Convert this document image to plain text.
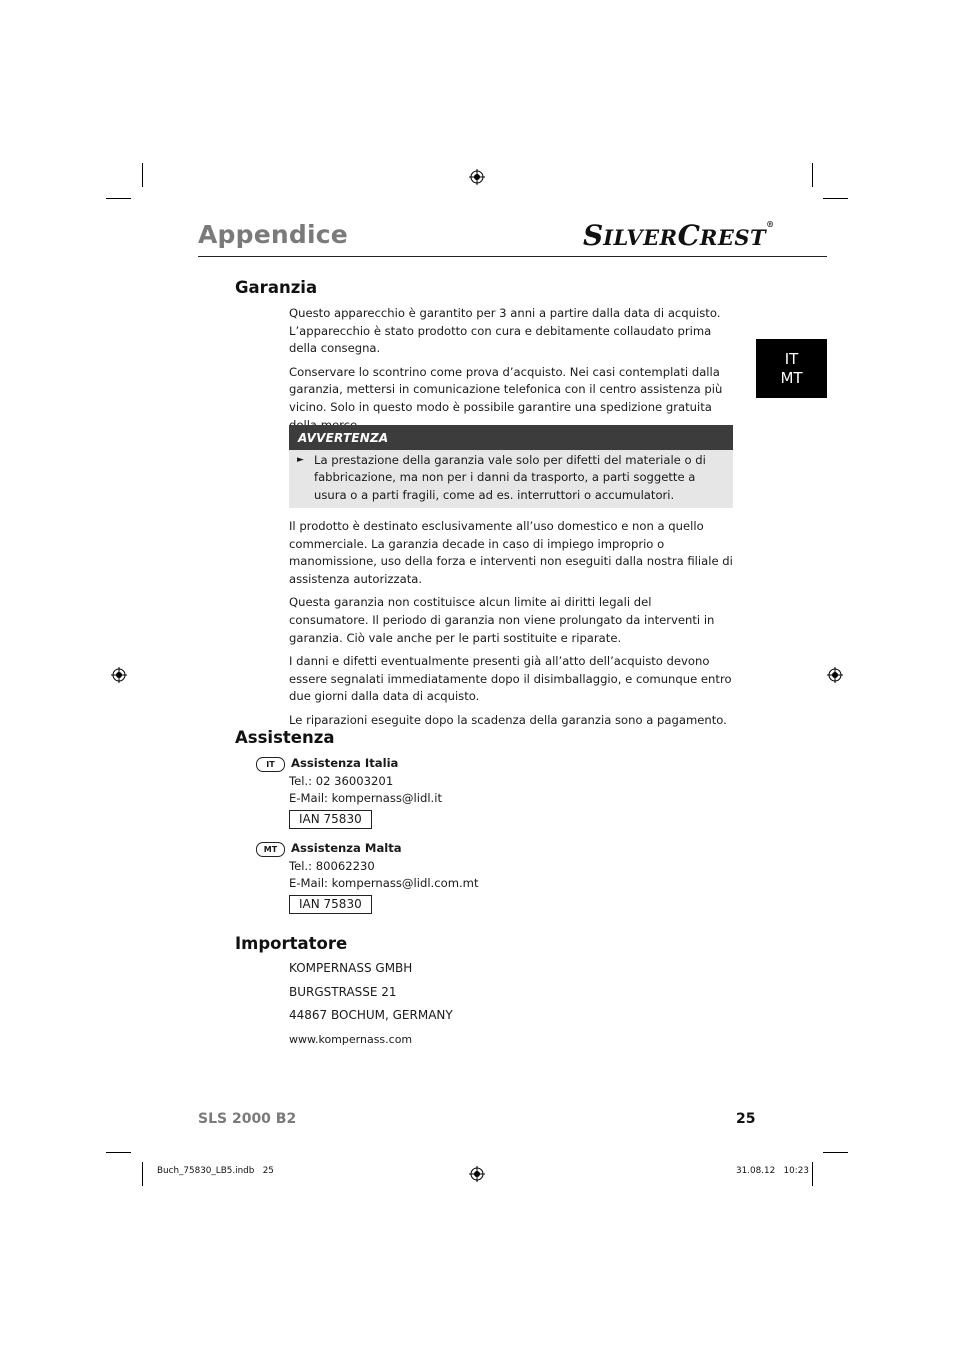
Appendice	SILVERCREST®
IT
MT
Garanzia

Questo apparecchio è garantito per 3 anni a partire dalla data di acquisto. L’apparecchio è stato prodotto con cura e debitamente collaudato prima della consegna.

Conservare lo scontrino come prova d’acquisto. Nei casi contemplati dalla garanzia, mettersi in comunicazione telefonica con il centro assistenza più vicino. Solo in questo modo è possibile garantire una spedizione gratuita

AVVERTENZA
► La prestazione della garanzia vale solo per difetti del materiale o di fabbricazione, ma non per i danni da trasporto, a parti soggette a usura o a parti fragili, come ad es. interruttori o accumulatori.

Il prodotto è destinato esclusivamente all’uso domestico e non a quello commerciale. La garanzia decade in caso di impiego improprio o manomissione, uso della forza e interventi non eseguiti dalla nostra filiale di assistenza autorizzata.

Questa garanzia non costituisce alcun limite ai diritti legali del consumatore. Il periodo di garanzia non viene prolungato da interventi in garanzia. Ciò vale anche per le parti sostituite e riparate.

I danni e difetti eventualmente presenti già all’atto dell’acquisto devono essere segnalati immediatamente dopo il disimballaggio, e comunque entro due giorni dalla data di acquisto.

Le riparazioni eseguite dopo la scadenza della garanzia sono a pagamento.

Assistenza
IT	Assistenza Italia
Tel.: 02 36003201
E-Mail: kompernass@lidl.it
IAN 75830
MT	Assistenza Malta
Tel.: 80062230
E-Mail: kompernass@lidl.com.mt
IAN 75830
Importatore
KOMPERNASS GMBH
BURGSTRASSE 21
44867 BOCHUM, GERMANY
www.kompernass.com
SLS 2000 B2	25
Buch_75830_LB5.indb   25	31.08.12   10:23
